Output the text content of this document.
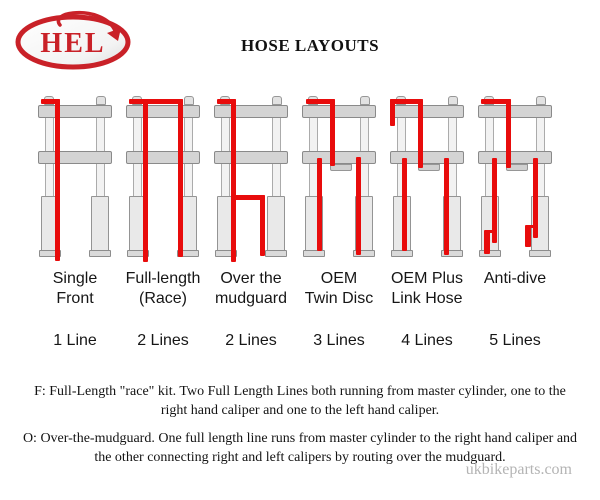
HEL	HOSE LAYOUTS
Single
Front
1 Line
Full-length
(Race)
2 Lines
Over the
mudguard
2 Lines
OEM
Twin Disc
3 Lines
OEM Plus
Link Hose
4 Lines
Anti-dive
5 Lines

F: Full-Length "race" kit. Two Full Length Lines both running from master cylinder, one to the right hand caliper and one to the left hand caliper.

O: Over-the-mudguard. One full length line runs from master cylinder to the right hand caliper and the other connecting right and left calipers by routing over the mudguard.

ukbikeparts.com
